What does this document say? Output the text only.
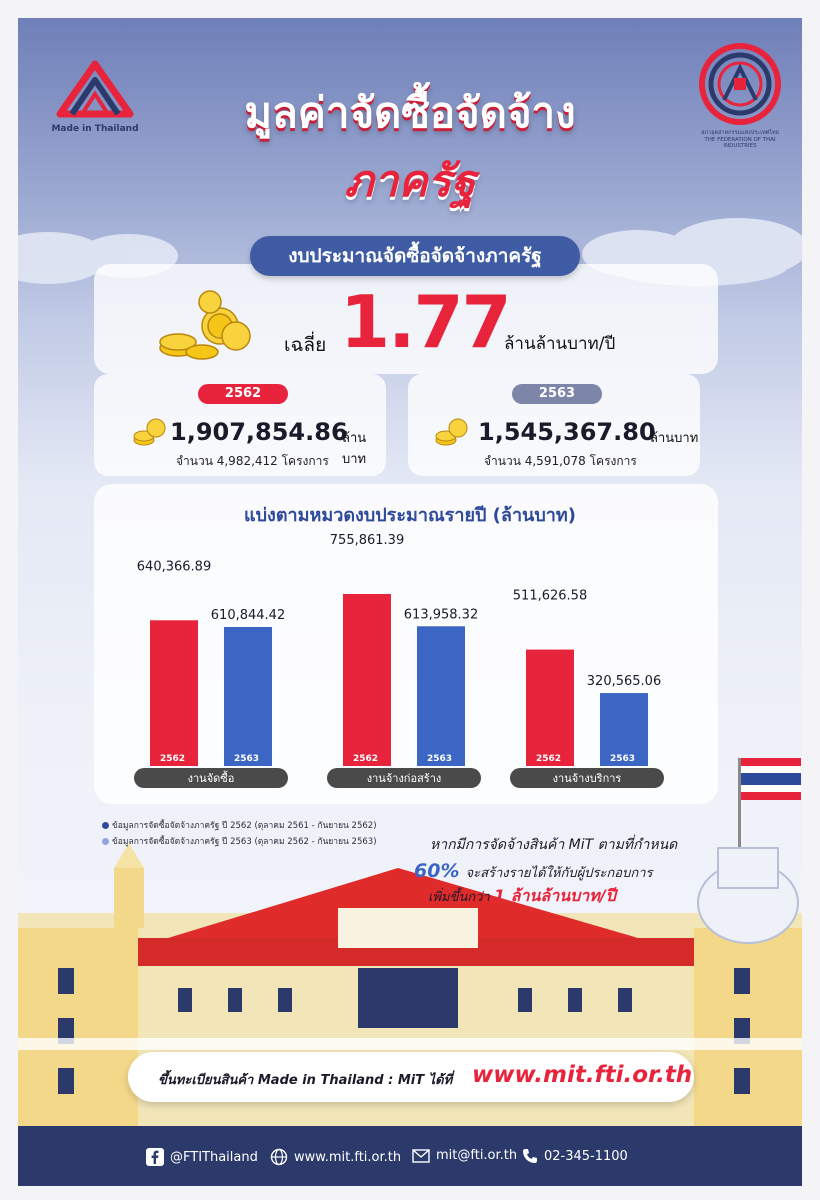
Made in Thailand	สภาอุตสาหกรรมแห่งประเทศไทย
THE FEDERATION OF THAI INDUSTRIES
มูลค่าจัดซื้อจัดจ้าง
ภาครัฐ
เฉลี่ย 1.77
ล้านล้านบาท/ปี
งบประมาณจัดซื้อจัดจ้างภาครัฐ
2562
1,907,854.86
ล้านบาท
จำนวน 4,982,412 โครงการ
2563
1,545,367.80
ล้านบาท
จำนวน 4,591,078 โครงการ
แบ่งตามหมวดงบประมาณรายปี (ล้านบาท)
2562
640,366.89
2563
610,844.42
งานจัดซื้อ
2562
755,861.39
2563
613,958.32
งานจ้างก่อสร้าง
2562
511,626.58
2563
320,565.06
งานจ้างบริการ
ข้อมูลการจัดซื้อจัดจ้างภาครัฐ ปี 2562 (ตุลาคม 2561 - กันยายน 2562)
ข้อมูลการจัดซื้อจัดจ้างภาครัฐ ปี 2563 (ตุลาคม 2562 - กันยายน 2563)	หากมีการจัดจ้างสินค้า MiT ตามที่กำหนด
60% จะสร้างรายได้ให้กับผู้ประกอบการ
เพิ่มขึ้นกว่า 1 ล้านล้านบาท/ปี
ขึ้นทะเบียนสินค้า Made in Thailand : MiT ได้ที่ www.mit.fti.or.th
@FTIThailand	www.mit.fti.or.th	mit@fti.or.th 02-345-1100
